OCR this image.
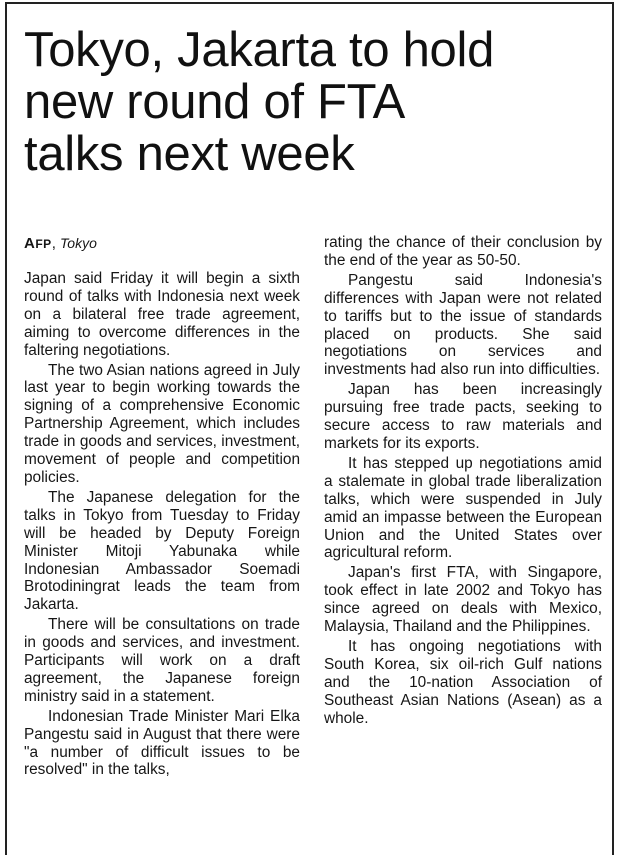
Tokyo, Jakarta to hold
new round of FTA
talks next week
AFP, Tokyo

Japan said Friday it will begin a sixth round of talks with Indonesia next week on a bilateral free trade agreement, aiming to overcome differences in the faltering negotiations.

The two Asian nations agreed in July last year to begin working towards the signing of a comprehensive Economic Partnership Agreement, which includes trade in goods and services, investment, movement of people and competition policies.

The Japanese delegation for the talks in Tokyo from Tuesday to Friday will be headed by Deputy Foreign Minister Mitoji Yabunaka while Indonesian Ambassador Soemadi Brotodiningrat leads the team from Jakarta.

There will be consultations on trade in goods and services, and investment. Participants will work on a draft agreement, the Japanese foreign ministry said in a statement.

Indonesian Trade Minister Mari Elka Pangestu said in August that there were "a number of difficult issues to be resolved" in the talks,

rating the chance of their conclusion by the end of the year as 50-50.

Pangestu said Indonesia's differences with Japan were not related to tariffs but to the issue of standards placed on products. She said negotiations on services and investments had also run into difficulties.

Japan has been increasingly pursuing free trade pacts, seeking to secure access to raw materials and markets for its exports.

It has stepped up negotiations amid a stalemate in global trade liberalization talks, which were suspended in July amid an impasse between the European Union and the United States over agricultural reform.

Japan's first FTA, with Singapore, took effect in late 2002 and Tokyo has since agreed on deals with Mexico, Malaysia, Thailand and the Philippines.

It has ongoing negotiations with South Korea, six oil-rich Gulf nations and the 10-nation Association of Southeast Asian Nations (Asean) as a whole.
